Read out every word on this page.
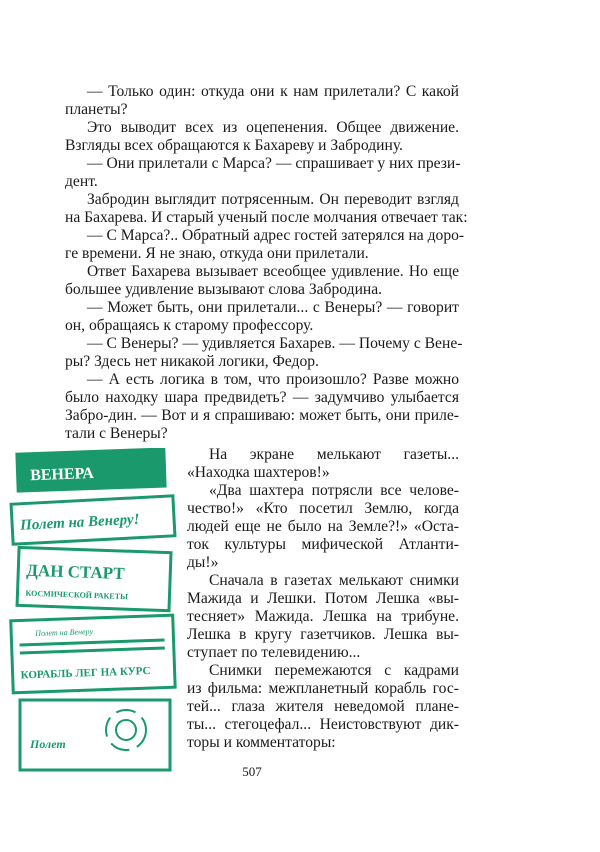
— Только один: откуда они к нам прилетали? С какой
планеты?
Это выводит всех из оцепенения. Общее движение.
Взгляды всех обращаются к Бахареву и Забродину.
— Они прилетали с Марса? — спрашивает у них прези-
дент.
Забродин выглядит потрясенным. Он переводит взгляд
на Бахарева. И старый ученый после молчания отвечает так:
— С Марса?.. Обратный адрес гостей затерялся на доро-
ге времени. Я не знаю, откуда они прилетали.
Ответ Бахарева вызывает всеобщее удивление. Но еще
большее удивление вызывают слова Забродина.
— Может быть, они прилетали... с Венеры? — говорит
он, обращаясь к старому профессору.
— С Венеры? — удивляется Бахарев. — Почему с Вене-
ры? Здесь нет никакой логики, Федор.
— А есть логика в том, что произошло? Разве можно
было находку шара предвидеть? — задумчиво улыбается
Забро-дин. — Вот и я спрашиваю: может быть, они приле-
тали с Венеры?
ВЕНЕРА
Полет на Венеру!
ДАН СТАРТ
КОСМИЧЕСКОЙ РАКЕТЫ
Полет на Венеру
КОРАБЛЬ ЛЕГ НА КУРС
Полет
На экране мелькают газеты...
«Находка шахтеров!»
«Два шахтера потрясли все челове-
чество!» «Кто посетил Землю, когда
людей еще не было на Земле?!» «Оста-
ток культуры мифической Атланти-
ды!»
Сначала в газетах мелькают снимки
Мажида и Лешки. Потом Лешка «вы-
тесняет» Мажида. Лешка на трибуне.
Лешка в кругу газетчиков. Лешка вы-
ступает по телевидению...
Снимки перемежаются с кадрами
из фильма: межпланетный корабль гос-
тей... глаза жителя неведомой плане-
ты... стегоцефал... Неистовствуют дик-
торы и комментаторы:
507
